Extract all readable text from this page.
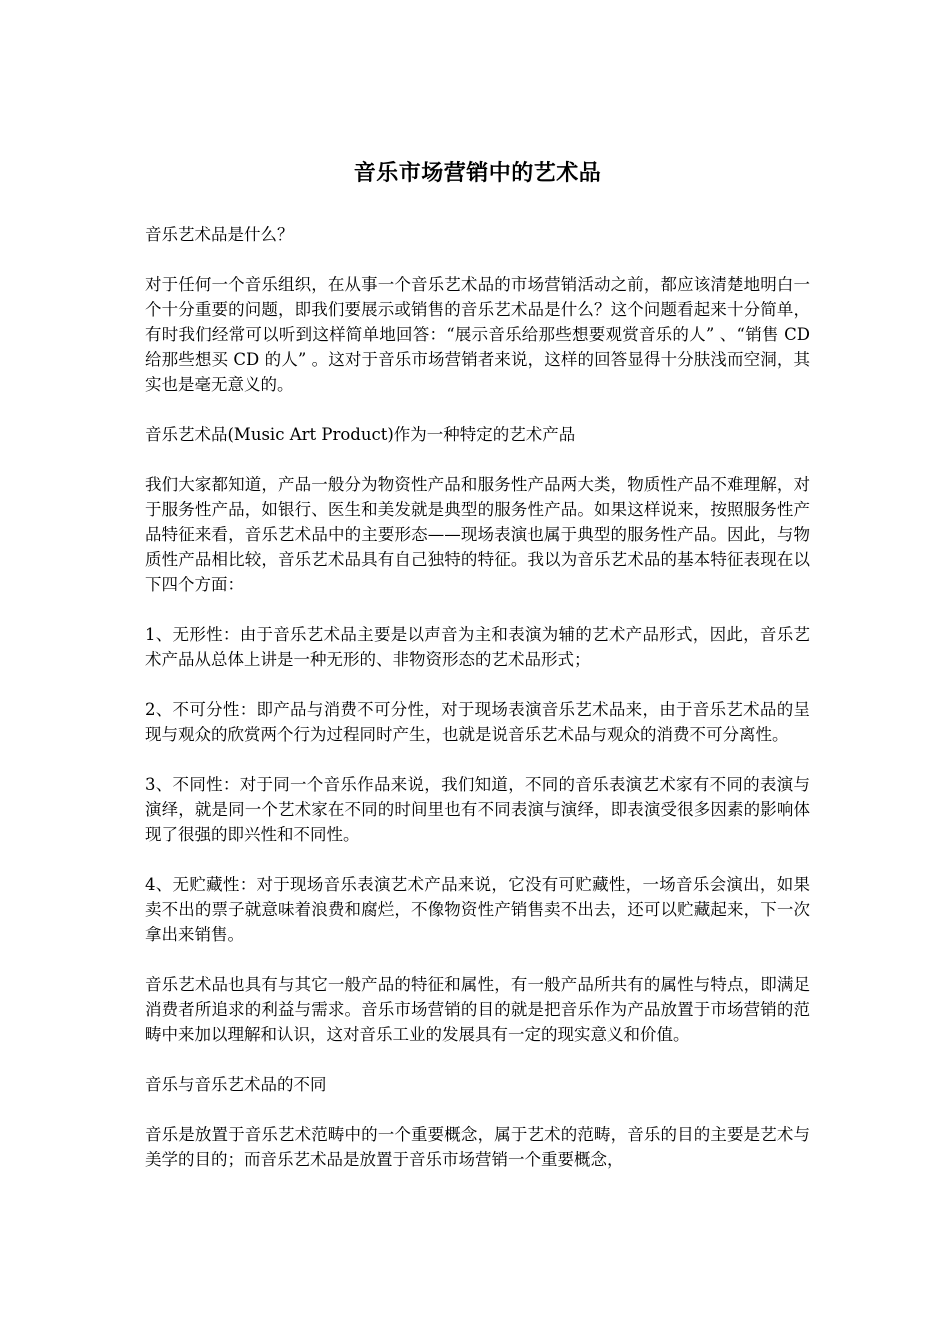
音乐市场营销中的艺术品
音乐艺术品是什么？
对于任何一个音乐组织，在从事一个音乐艺术品的市场营销活动之前，都应该清楚地明白一个十分重要的问题，即我们要展示或销售的音乐艺术品是什么？这个问题看起来十分简单，有时我们经常可以听到这样简单地回答：“展示音乐给那些想要观赏音乐的人” 、“销售 CD 给那些想买 CD 的人” 。这对于音乐市场营销者来说，这样的回答显得十分肤浅而空洞，其实也是毫无意义的。
音乐艺术品(Music Art Product)作为一种特定的艺术产品
我们大家都知道，产品一般分为物资性产品和服务性产品两大类，物质性产品不难理解，对于服务性产品，如银行、医生和美发就是典型的服务性产品。如果这样说来，按照服务性产品特征来看，音乐艺术品中的主要形态——现场表演也属于典型的服务性产品。因此，与物质性产品相比较，音乐艺术品具有自己独特的特征。我以为音乐艺术品的基本特征表现在以下四个方面：
1、无形性：由于音乐艺术品主要是以声音为主和表演为辅的艺术产品形式，因此，音乐艺术产品从总体上讲是一种无形的、非物资形态的艺术品形式；
2、不可分性：即产品与消费不可分性，对于现场表演音乐艺术品来，由于音乐艺术品的呈现与观众的欣赏两个行为过程同时产生，也就是说音乐艺术品与观众的消费不可分离性。
3、不同性：对于同一个音乐作品来说，我们知道，不同的音乐表演艺术家有不同的表演与演绎，就是同一个艺术家在不同的时间里也有不同表演与演绎，即表演受很多因素的影响体现了很强的即兴性和不同性。
4、无贮藏性：对于现场音乐表演艺术产品来说，它没有可贮藏性，一场音乐会演出，如果卖不出的票子就意味着浪费和腐烂，不像物资性产销售卖不出去，还可以贮藏起来，下一次拿出来销售。
音乐艺术品也具有与其它一般产品的特征和属性，有一般产品所共有的属性与特点，即满足消费者所追求的利益与需求。音乐市场营销的目的就是把音乐作为产品放置于市场营销的范畴中来加以理解和认识，这对音乐工业的发展具有一定的现实意义和价值。
音乐与音乐艺术品的不同
音乐是放置于音乐艺术范畴中的一个重要概念，属于艺术的范畴，音乐的目的主要是艺术与美学的目的；而音乐艺术品是放置于音乐市场营销一个重要概念，
